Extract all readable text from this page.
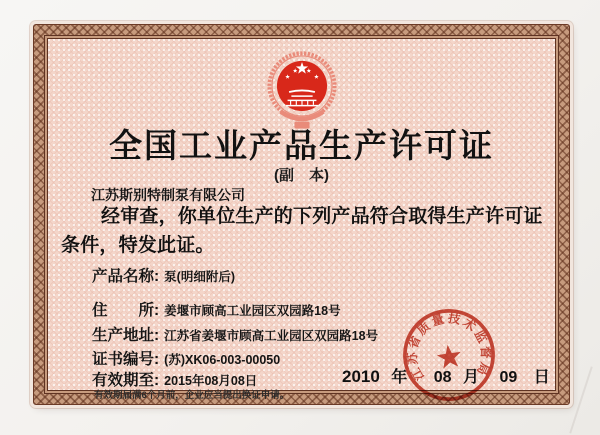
全国工业产品生产许可证
(副　本)
江苏斯别特制泵有限公司
经审查，你单位生产的下列产品符合取得生产许可证条件，特发此证。
产品名称: 泵(明细附后)
住　　所: 姜堰市顾高工业园区双园路18号
生产地址: 江苏省姜堰市顾高工业园区双园路18号
证书编号: (苏)XK06-003-00050
有效期至: 2015年08月08日
有效期届满6个月前，企业应当提出换证申请。
2010 年 08 月 09 日
江苏省质量技术监督局
